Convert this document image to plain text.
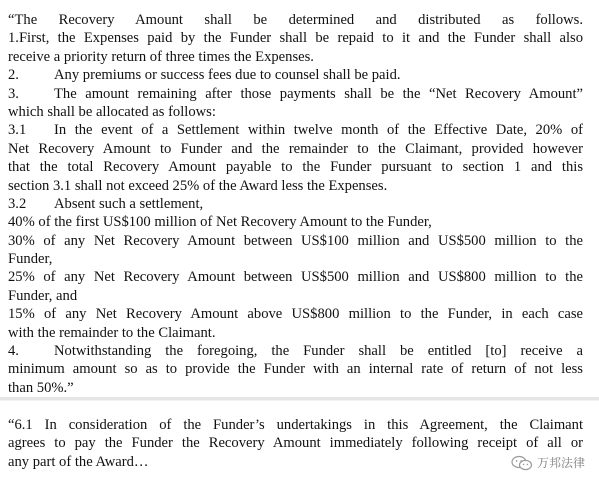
“The Recovery Amount shall be determined and distributed as follows.
1.First, the Expenses paid by the Funder shall be repaid to it and the Funder shall also
receive a priority return of three times the Expenses.
2.	Any premiums or success fees due to counsel shall be paid.
3.	The amount remaining after those payments shall be the “Net Recovery Amount”
which shall be allocated as follows:
3.1	In the event of a Settlement within twelve month of the Effective Date, 20% of
Net Recovery Amount to Funder and the remainder to the Claimant, provided however
that the total Recovery Amount payable to the Funder pursuant to section 1 and this
section 3.1 shall not exceed 25% of the Award less the Expenses.
3.2	Absent such a settlement,
40% of the first US$100 million of Net Recovery Amount to the Funder,
30% of any Net Recovery Amount between US$100 million and US$500 million to the
Funder,
25% of any Net Recovery Amount between US$500 million and US$800 million to the
Funder, and
15% of any Net Recovery Amount above US$800 million to the Funder, in each case
with the remainder to the Claimant.
4.	Notwithstanding the foregoing, the Funder shall be entitled [to] receive a
minimum amount so as to provide the Funder with an internal rate of return of not less
than 50%.”
“6.1 In consideration of the Funder’s undertakings in this Agreement, the Claimant
agrees to pay the Funder the Recovery Amount immediately following receipt of all or
any part of the Award…	万邦法律
